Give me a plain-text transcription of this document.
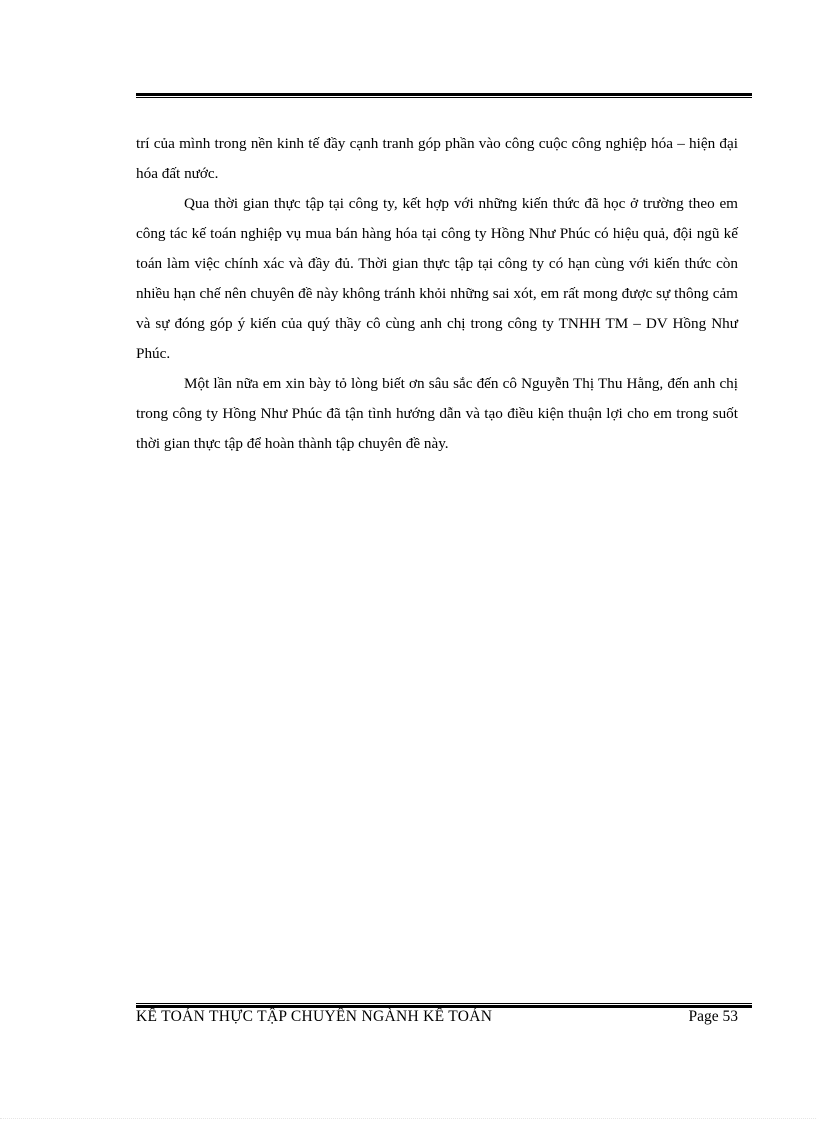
trí của mình trong nền kinh tế đầy cạnh tranh góp phần vào công cuộc công nghiệp hóa – hiện đại hóa đất nước.

Qua thời gian thực tập tại công ty, kết hợp với những kiến thức đã học ở trường theo em công tác kế toán nghiệp vụ mua bán hàng hóa tại công ty Hồng Như Phúc có hiệu quả, đội ngũ kế toán làm việc chính xác và đầy đủ. Thời gian thực tập tại công ty có hạn cùng với kiến thức còn nhiều hạn chế nên chuyên đề này không tránh khỏi những sai xót, em rất mong được sự thông cảm và sự đóng góp ý kiến của quý thầy cô cùng anh chị trong công ty TNHH TM – DV Hồng Như Phúc.

Một lần nữa em xin bày tỏ lòng biết ơn sâu sắc đến cô Nguyễn Thị Thu Hằng, đến anh chị trong công ty Hồng Như Phúc đã tận tình hướng dẫn và tạo điều kiện thuận lợi cho em trong suốt thời gian thực tập để hoàn thành tập chuyên đề này.

KẾ TOÁN THỰC TẬP CHUYÊN NGÀNH KẾ TOÁN	Page 53
